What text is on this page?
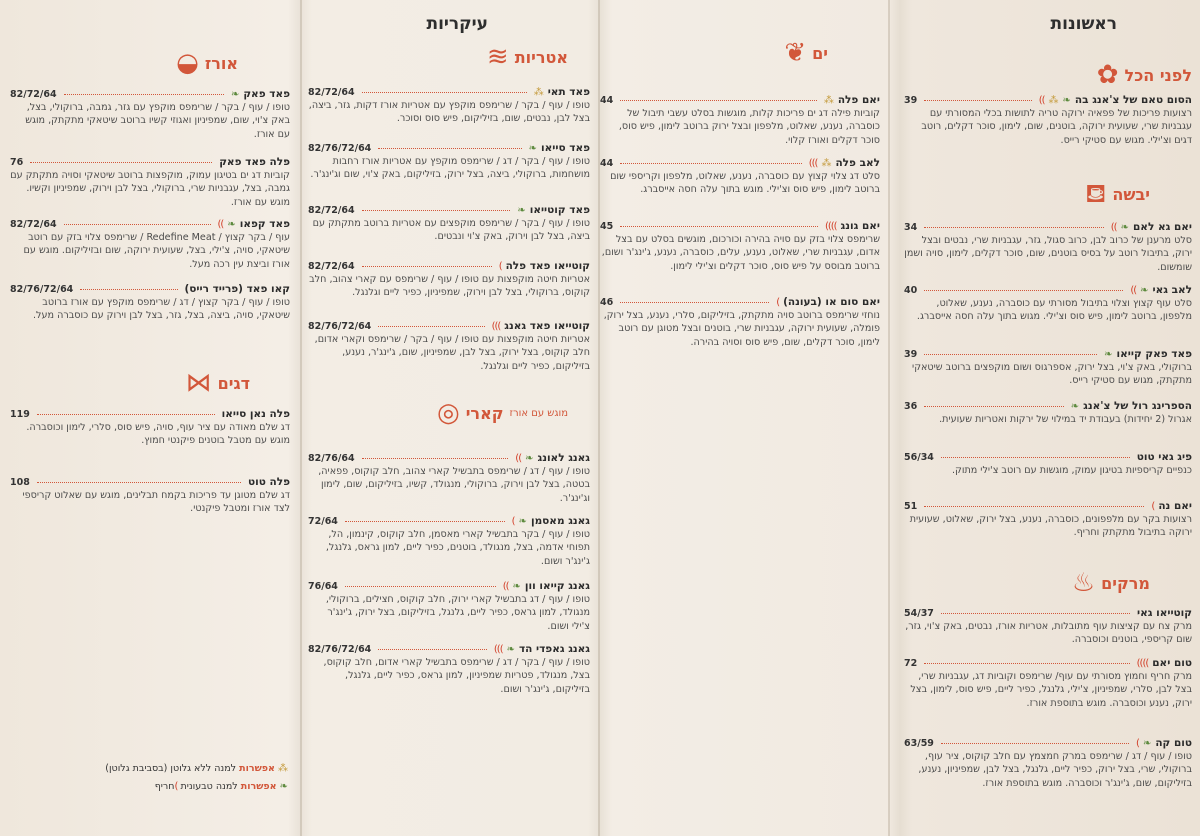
ראשונות
לפני הכל
✿
הסום טאם של צ'אנג בה
❧
⁂
))
39
רצועות פריכות של פפאיה ירוקה טריה לתושות בכלי המסורתי עם עגבניות שרי, שעועית ירוקה, בוטנים, שום, לימון, סוכר דקלים, רוטב דגים וצ'ילי. מגוש עם סטיקי רייס.
יבשה
⛾
יאם גא לאם
❧
))
34
סלט מרענן של כרוב לבן, כרוב סגול, גזר, עגבניות שרי, נבטים ובצל ירוק, בתיבול רוטב על בסיס בוטנים, שום, סוכר דקלים, לימון, סויה ושמן שומשום.
לאב גאי
❧
))
40
סלט עוף קצוץ וצלוי בתיבול מסורתי עם כוסברה, נענע, שאלוט, מלפפון, ברוטב לימון, פיש סוס וצ'ילי. מגוש בתוך עלה חסה אייסברג.
פאד פאק קייאו
❧
39
ברוקולי, באק צ'וי, בצל ירוק, אספרגוס ושום מוקפצים ברוטב שיטאקי מתקתק, מגוש עם סטיקי רייס.
הספרינג רול של צ'אנג
❧
36
אגרול (2 יחידות) בעבודת יד במילוי של ירקות ואטריות שעועית.
פיג גאי טוט
56/34
כנפיים קריספיות בטיגון עמוק, מוגשות עם רוטב צ'ילי מתוק.
יאם נה
)
51
רצועות בקר עם מלפפונים, כוסברה, נענע, בצל ירוק, שאלוט, שעועית ירוקה בתיבול מתקתק וחריף.
מרקים
♨
קוטייאו גאי
54/37
מרק צח עם קציצות עוף מתובלות, אטריות אורז, נבטים, באק צ'וי, גזר, שום קריספי, בוטנים וכוסברה.
טום יאם
))))
72
מרק חריף וחמוץ מסורתי עם עוף/ שרימפס וקוביות דג, עגבניות שרי, בצל לבן, סלרי, שמפיניון, צ'ילי, גלנגל, כפיר ליים, פיש סוס, לימון, בצל ירוק, נענע וכוסברה. מוגש בתוספת אורז.
טום קה
❧
)
63/59
טופו / עוף / דג / שרימפס במרק חמצמץ עם חלב קוקוס, ציר עוף, ברוקולי, שרי, בצל ירוק, כפיר ליים, גלנגל, בצל לבן, שמפיניון, נענע, בזיליקום, שום, ג'ינג'ר וכוסברה. מוגש בתוספת אורז.
ים
❦
יאם פלה
⁂
44
קוביות פילה דג ים פריכות קלות, מוגשות בסלט עשבי תיבול של כוסברה, נענע, שאלוט, מלפפון ובצל ירוק ברוטב לימון, פיש סוס, סוכר דקלים ואורז קלוי.
לאב פלה
⁂
)))
44
סלט דג צלוי קצוץ עם כוסברה, נענע, שאלוט, מלפפון וקריספי שום ברוטב לימון, פיש סוס וצ'ילי. מוגש בתוך עלה חסה אייסברג.
יאם גונג
))))
45
שרימפס צלוי בזק עם סויה בהירה וכורכום, מוגשים בסלט עם בצל אדום, עגבניות שרי, שאלוט, נענע, עלים, כוסברה, נענע, ג'ינג'ר ושום, ברוטב מבוסס על פיש סוס, סוכר דקלים וצ'ילי לימון.
יאם סום או (בעונה)
)
46
נוחזי שרימפס ברוטב סויה מתקתק, בזיליקום, סלרי, נענע, בצל ירוק, פומלה, שעועית ירוקה, עגבניות שרי, בוטנים ובצל מטוגן עם רוטב לימון, סוכר דקלים, שום, פיש סוס וסויה בהירה.
עיקריות
אטריות
≋
פאד תאי
⁂
82/72/64
טופו / עוף / בקר / שרימפס מוקפץ עם אטריות אורז דקות, גזר, ביצה, בצל לבן, נבטים, שום, בזיליקום, פיש סוס וסוכר.
פאד סייאו
❧
82/76/72/64
טופו / עוף / בקר / דג / שרימפס מוקפץ עם אטריות אורז רחבות מושחמות, ברוקולי, ביצה, בצל ירוק, בזיליקום, באק צ'וי, שום וג'ינג'ר.
פאד קוטייאו
❧
82/72/64
טופו / עוף / בקר / שרימפס מוקפצים עם אטריות ברוטב מתקתק עם ביצה, בצל לבן וירוק, באק צ'וי ונבטים.
קוטייאו פאד פלה
)
82/72/64
אטריות חיטה מוקפצות עם טופו / עוף / שרימפס עם קארי צהוב, חלב קוקוס, ברוקולי, בצל לבן וירוק, שמפיניון, כפיר ליים וגלנגל.
קוטייאו פאד גאנג
)))
82/76/72/64
אטריות חיטה מוקפצות עם טופו / עוף / בקר / שרימפס וקארי אדום, חלב קוקוס, בצל ירוק, בצל לבן, שמפיניון, שום, ג'ינג'ר, נענע, בזיליקום, כפיר ליים וגלנגל.
מוגש עם אורז
קארי
◎
גאנג לאונג
❧
))
82/76/64
טופו / עוף / דג / שרימפס בתבשיל קארי צהוב, חלב קוקוס, פפאיה, בטטה, בצל לבן וירוק, ברוקולי, מנגולד, קשיו, בזיליקום, שום, לימון וג'ינג'ר.
גאנג מאסמן
❧
)
72/64
טופו / עוף / בקר בתבשיל קארי מאסמן, חלב קוקוס, קינמון, הל, תפוחי אדמה, בצל, מנגולד, בוטנים, כפיר ליים, למון גראס, גלנגל, ג'ינג'ר ושום.
גאנג קייאו וון
❧
))
76/64
טופו / עוף / דג בתבשיל קארי ירוק, חלב קוקוס, חצילים, ברוקולי, מנגולד, למון גראס, כפיר ליים, גלנגל, בזיליקום, בצל ירוק, ג'ינג'ר צ'ילי ושום.
גאנג גאפדי הד
❧
)))
82/76/72/64
טופו / עוף / בקר / דג / שרימפס בתבשיל קארי אדום, חלב קוקוס, בצל, מנגולד, פטריות שמפיניון, למון גראס, כפיר ליים, גלנגל, בזיליקום, ג'ינג'ר ושום.
אורז
◒
פאד פאק
❧
82/72/64
טופו / עוף / בקר / שרימפס מוקפץ עם גזר, גמבה, ברוקולי, בצל, באק צ'וי, שום, שמפיניון ואגוזי קשיו ברוטב שיטאקי מתקתק, מוגש עם אורז.
פלה פאד פאק
76
קוביות דג ים בטיגון עמוק, מוקפצות ברוטב שיטאקי וסויה מתקתק עם גמבה, בצל, עגבניות שרי, ברוקולי, בצל לבן וירוק, שמפיניון וקשיו. מוגש עם אורז.
פאד קפאו
❧
))
82/72/64
עוף / בקר קצוץ / Redefine Meat / שרימפס צלוי בזק עם רוטב שיטאקי, סויה, צ'ילי, בצל, שעועית ירוקה, שום ובזיליקום. מוגש עם אורז וביצת עין רכה מעל.
קאו פאד (פרייד רייס)
82/76/72/64
טופו / עוף / בקר קצוץ / דג / שרימפס מוקפץ עם אורז ברוטב שיטאקי, סויה, ביצה, בצל, גזר, בצל לבן וירוק עם כוסברה מעל.
דגים
⋈
פלה נאן סייאו
119
דג שלם מאודה עם ציר עוף, סויה, פיש סוס, סלרי, לימון וכוסברה. מוגש עם מטבל בוטנים פיקנטי חמוץ.
פלה טוט
108
דג שלם מטוגן עד פריכות בקמח תבלינים, מוגש עם שאלוט קריספי לצד אורז ומטבל פיקנטי.
⁂ אפשרות למנה ללא גלוטן (בסביבת גלוטן)
❧ אפשרות למנה טבעונית )חריף
